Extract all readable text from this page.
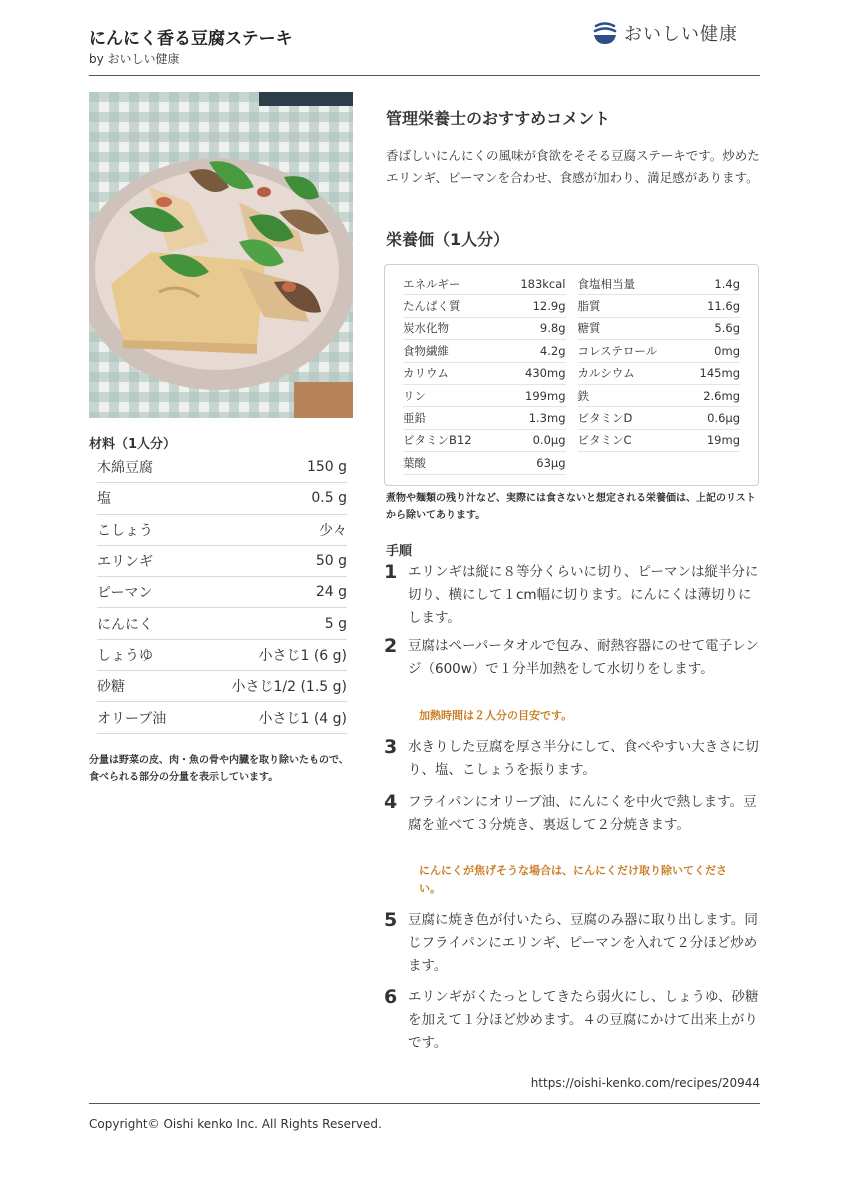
にんにく香る豆腐ステーキ
by おいしい健康
おいしい健康
材料（1人分）
木綿豆腐	150 g
塩	0.5 g
こしょう	少々
エリンギ	50 g
ピーマン	24 g
にんにく	5 g
しょうゆ	小さじ1 (6 g)
砂糖	小さじ1/2 (1.5 g)
オリーブ油	小さじ1 (4 g)
分量は野菜の皮、肉・魚の骨や内臓を取り除いたもので、 食べられる部分の分量を表示しています。
管理栄養士のおすすめコメント
香ばしいにんにくの風味が食欲をそそる豆腐ステーキです。炒めたエリンギ、ピーマンを合わせ、食感が加わり、満足感があります。
栄養価（1人分）
エネルギー	183kcal 食塩相当量	1.4g
たんぱく質	12.9g 脂質	11.6g
炭水化物	9.8g 糖質	5.6g
食物繊維	4.2g コレステロール	0mg
カリウム	430mg カルシウム	145mg
リン	199mg 鉄	2.6mg
亜鉛	1.3mg ビタミンD	0.6μg
ビタミンB12	0.0μg ビタミンC	19mg
葉酸	63μg
煮物や麺類の残り汁など、実際には食さないと想定される栄養価は、上記のリストから除いてあります。
手順
1 エリンギは縦に８等分くらいに切り、ピーマンは縦半分に切り、横にして１cm幅に切ります。にんにくは薄切りにします。
2 豆腐はペーパータオルで包み、耐熱容器にのせて電子レンジ（600w）で１分半加熱をして水切りをします。
加熱時間は２人分の目安です。
3 水きりした豆腐を厚さ半分にして、食べやすい大きさに切り、塩、こしょうを振ります。
4 フライパンにオリーブ油、にんにくを中火で熱します。豆腐を並べて３分焼き、裏返して２分焼きます。
にんにくが焦げそうな場合は、にんにくだけ取り除いてください。
5 豆腐に焼き色が付いたら、豆腐のみ器に取り出します。同じフライパンにエリンギ、ピーマンを入れて２分ほど炒めます。
6 エリンギがくたっとしてきたら弱火にし、しょうゆ、砂糖を加えて１分ほど炒めます。４の豆腐にかけて出来上がりです。
https://oishi-kenko.com/recipes/20944
Copyright© Oishi kenko Inc. All Rights Reserved.
